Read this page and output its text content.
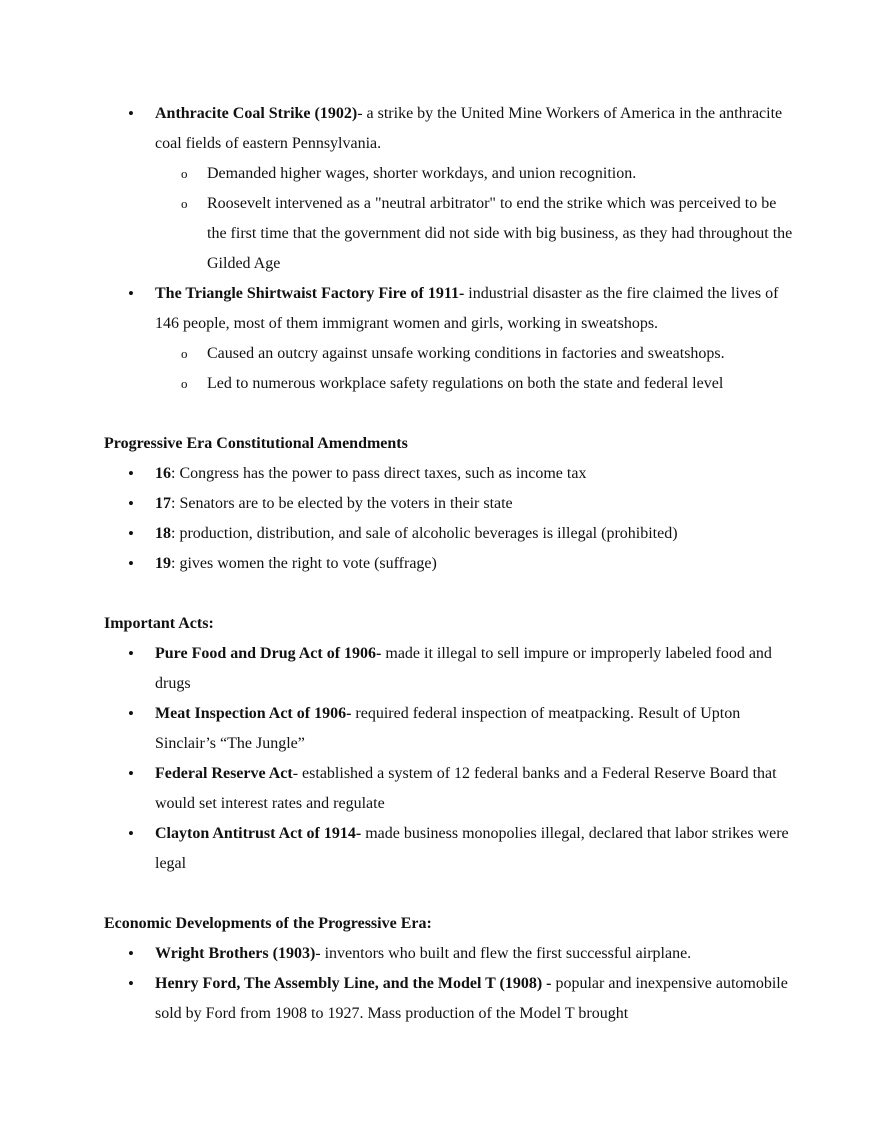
• Anthracite Coal Strike (1902)- a strike by the United Mine Workers of America in the anthracite coal fields of eastern Pennsylvania.
o Demanded higher wages, shorter workdays, and union recognition.
o Roosevelt intervened as a "neutral arbitrator" to end the strike which was perceived to be the first time that the government did not side with big business, as they had throughout the Gilded Age
• The Triangle Shirtwaist Factory Fire of 1911- industrial disaster as the fire claimed the lives of 146 people, most of them immigrant women and girls, working in sweatshops.
o Caused an outcry against unsafe working conditions in factories and sweatshops.
o Led to numerous workplace safety regulations on both the state and federal level

Progressive Era Constitutional Amendments

• 16: Congress has the power to pass direct taxes, such as income tax
• 17: Senators are to be elected by the voters in their state
• 18: production, distribution, and sale of alcoholic beverages is illegal (prohibited)
• 19: gives women the right to vote (suffrage)

Important Acts:

• Pure Food and Drug Act of 1906- made it illegal to sell impure or improperly labeled food and drugs
• Meat Inspection Act of 1906- required federal inspection of meatpacking. Result of Upton Sinclair’s “The Jungle”
• Federal Reserve Act- established a system of 12 federal banks and a Federal Reserve Board that would set interest rates and regulate
• Clayton Antitrust Act of 1914- made business monopolies illegal, declared that labor strikes were legal

Economic Developments of the Progressive Era:

• Wright Brothers (1903)- inventors who built and flew the first successful airplane.
• Henry Ford, The Assembly Line, and the Model T (1908) - popular and inexpensive automobile sold by Ford from 1908 to 1927. Mass production of the Model T brought
